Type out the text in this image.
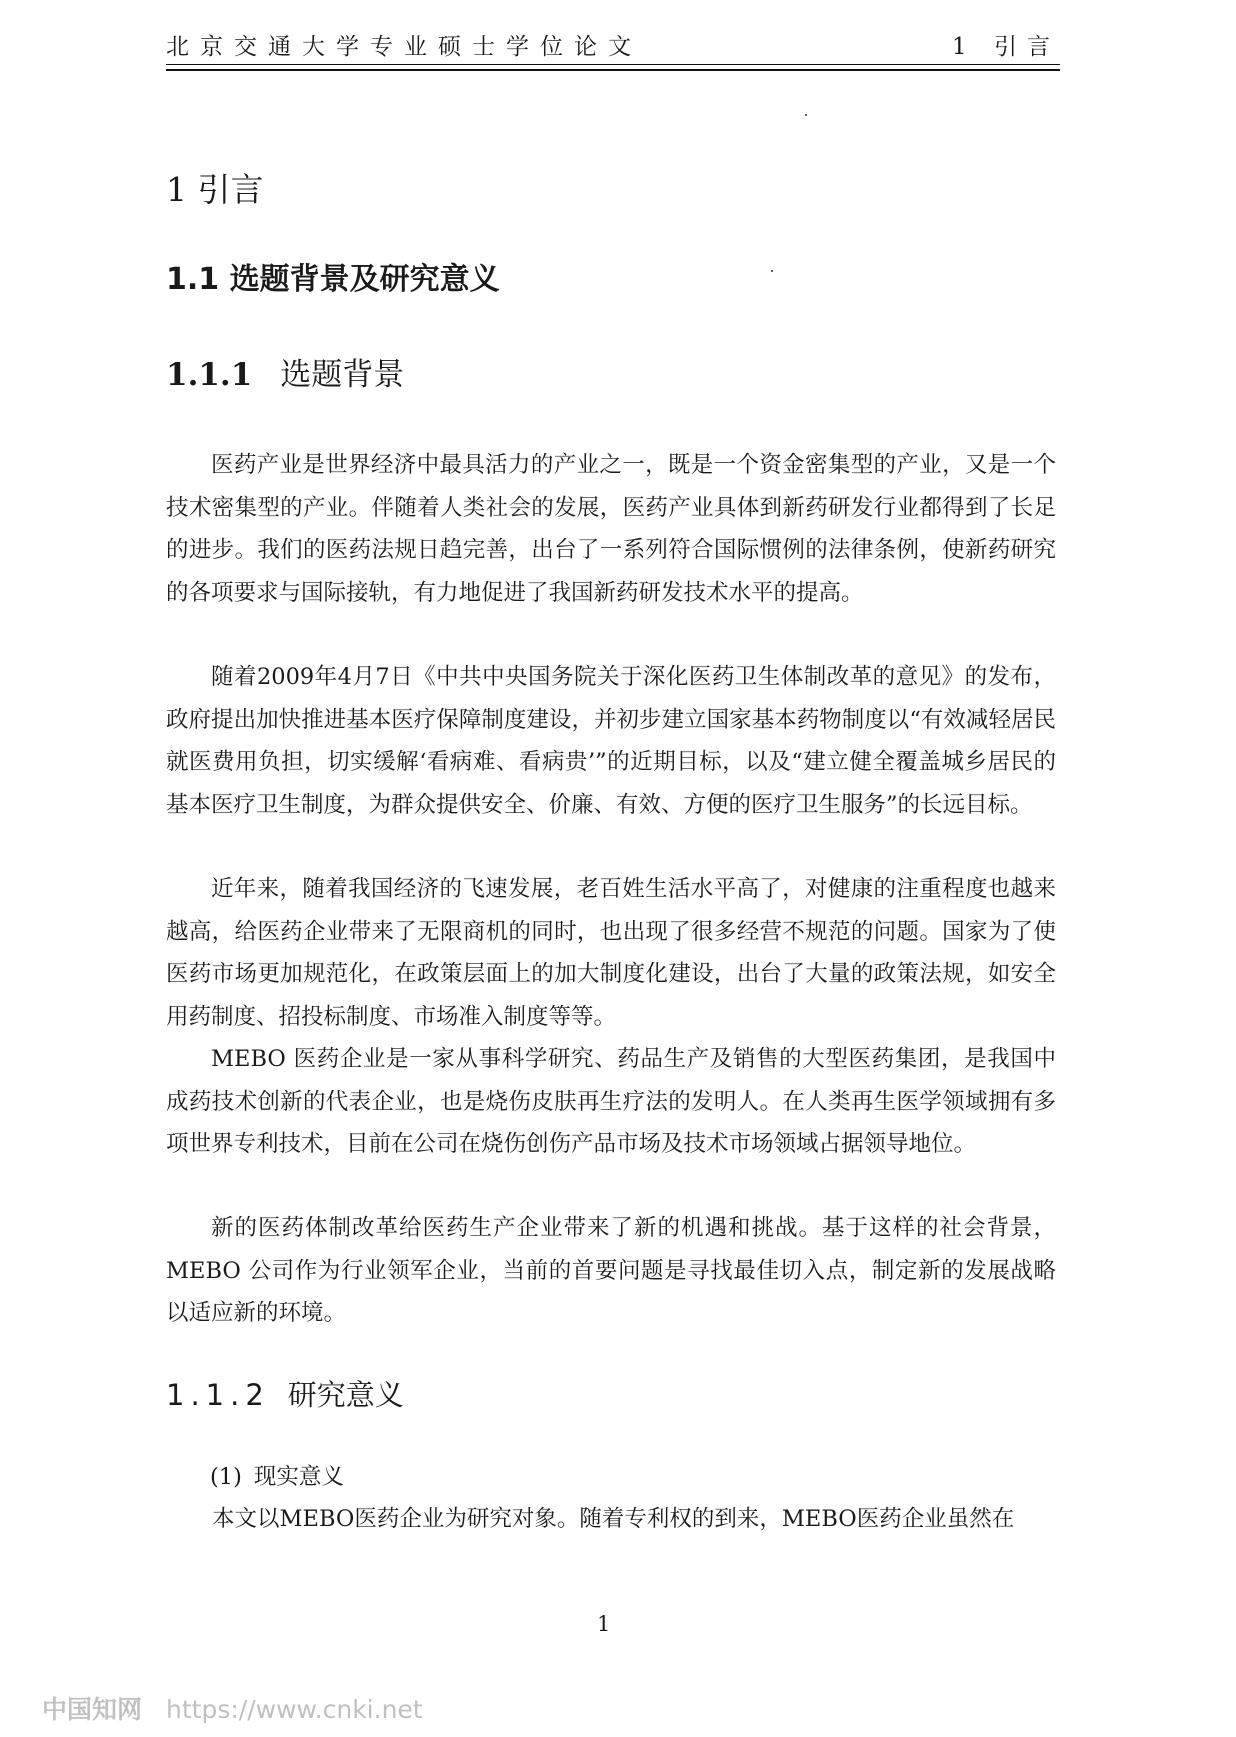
北京交通大学专业硕士学位论文	1 引言
1 引言
1.1 选题背景及研究意义
1.1.1 选题背景

医药产业是世界经济中最具活力的产业之一，既是一个资金密集型的产业，又是一个技术密集型的产业。伴随着人类社会的发展，医药产业具体到新药研发行业都得到了长足的进步。我们的医药法规日趋完善，出台了一系列符合国际惯例的法律条例，使新药研究的各项要求与国际接轨，有力地促进了我国新药研发技术水平的提高。

随着2009年4月7日《中共中央国务院关于深化医药卫生体制改革的意见》的发布，政府提出加快推进基本医疗保障制度建设，并初步建立国家基本药物制度以“有效减轻居民就医费用负担，切实缓解‘看病难、看病贵’”的近期目标，以及“建立健全覆盖城乡居民的基本医疗卫生制度，为群众提供安全、价廉、有效、方便的医疗卫生服务”的长远目标。

近年来，随着我国经济的飞速发展，老百姓生活水平高了，对健康的注重程度也越来越高，给医药企业带来了无限商机的同时，也出现了很多经营不规范的问题。国家为了使医药市场更加规范化，在政策层面上的加大制度化建设，出台了大量的政策法规，如安全用药制度、招投标制度、市场准入制度等等。

MEBO 医药企业是一家从事科学研究、药品生产及销售的大型医药集团，是我国中成药技术创新的代表企业，也是烧伤皮肤再生疗法的发明人。在人类再生医学领域拥有多项世界专利技术，目前在公司在烧伤创伤产品市场及技术市场领域占据领导地位。

新的医药体制改革给医药生产企业带来了新的机遇和挑战。基于这样的社会背景，MEBO 公司作为行业领军企业，当前的首要问题是寻找最佳切入点，制定新的发展战略以适应新的环境。

1.1.2 研究意义
(1) 现实意义

本文以MEBO医药企业为研究对象。随着专利权的到来，MEBO医药企业虽然在

1
中国知网 https://www.cnki.net
